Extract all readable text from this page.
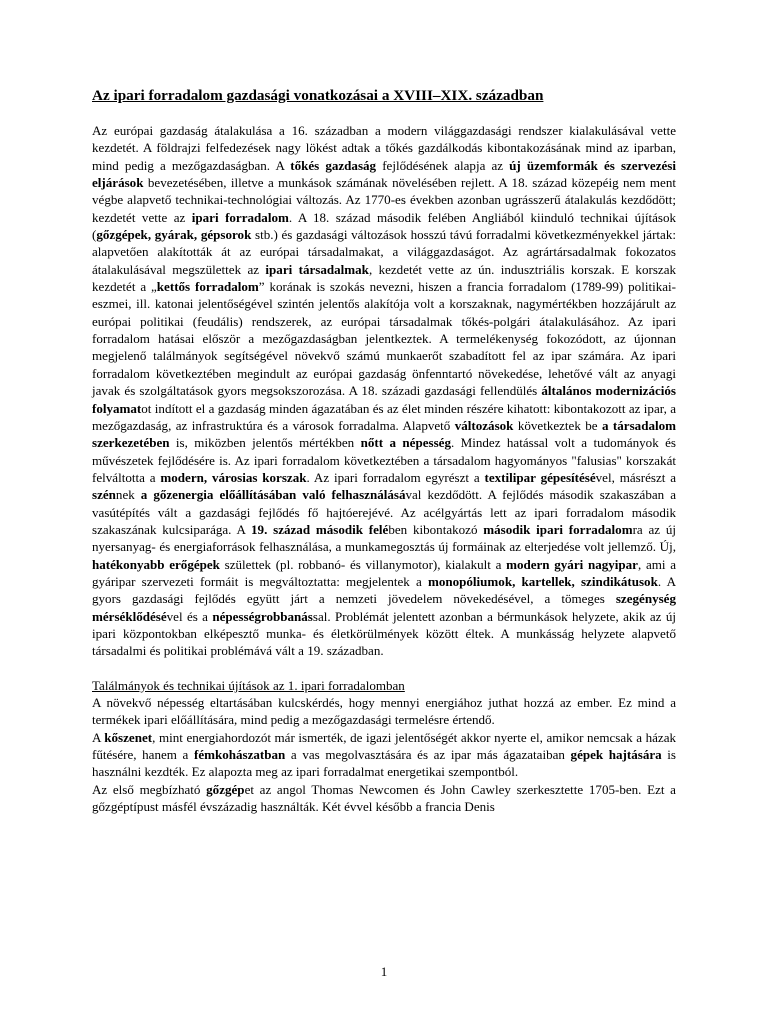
Az ipari forradalom gazdasági vonatkozásai a XVIII–XIX. században

Az európai gazdaság átalakulása a 16. században a modern világgazdasági rendszer kialakulásával vette kezdetét. A földrajzi felfedezések nagy lökést adtak a tőkés gazdálkodás kibontakozásának mind az iparban, mind pedig a mezőgazdaságban. A tőkés gazdaság fejlődésének alapja az új üzemformák és szervezési eljárások bevezetésében, illetve a munkások számának növelésében rejlett. A 18. század közepéig nem ment végbe alapvető technikai-technológiai változás. Az 1770-es években azonban ugrásszerű átalakulás kezdődött; kezdetét vette az ipari forradalom. A 18. század második felében Angliából kiinduló technikai újítások (gőzgépek, gyárak, gépsorok stb.) és gazdasági változások hosszú távú forradalmi következményekkel jártak: alapvetően alakították át az európai társadalmakat, a világgazdaságot. Az agrártársadalmak fokozatos átalakulásával megszülettek az ipari társadalmak, kezdetét vette az ún. indusztriális korszak. E korszak kezdetét a „kettős forradalom” korának is szokás nevezni, hiszen a francia forradalom (1789-99) politikai-eszmei, ill. katonai jelentőségével szintén jelentős alakítója volt a korszaknak, nagymértékben hozzájárult az európai politikai (feudális) rendszerek, az európai társadalmak tőkés-polgári átalakulásához. Az ipari forradalom hatásai először a mezőgazdaságban jelentkeztek. A termelékenység fokozódott, az újonnan megjelenő találmányok segítségével növekvő számú munkaerőt szabadított fel az ipar számára. Az ipari forradalom következtében megindult az európai gazdaság önfenntartó növekedése, lehetővé vált az anyagi javak és szolgáltatások gyors megsokszorozása. A 18. századi gazdasági fellendülés általános modernizációs folyamatot indított el a gazdaság minden ágazatában és az élet minden részére kihatott: kibontakozott az ipar, a mezőgazdaság, az infrastruktúra és a városok forradalma. Alapvető változások következtek be a társadalom szerkezetében is, miközben jelentős mértékben nőtt a népesség. Mindez hatással volt a tudományok és művészetek fejlődésére is. Az ipari forradalom következtében a társadalom hagyományos "falusias" korszakát felváltotta a modern, városias korszak. Az ipari forradalom egyrészt a textilipar gépesítésével, másrészt a szénnek a gőzenergia előállításában való felhasználásával kezdődött. A fejlődés második szakaszában a vasútépítés vált a gazdasági fejlődés fő hajtóerejévé. Az acélgyártás lett az ipari forradalom második szakaszának kulcsiparága. A 19. század második felében kibontakozó második ipari forradalomra az új nyersanyag- és energiaforrások felhasználása, a munkamegosztás új formáinak az elterjedése volt jellemző. Új, hatékonyabb erőgépek születtek (pl. robbanó- és villanymotor), kialakult a modern gyári nagyipar, ami a gyáripar szervezeti formáit is megváltoztatta: megjelentek a monopóliumok, kartellek, szindikátusok. A gyors gazdasági fejlődés együtt járt a nemzeti jövedelem növekedésével, a tömeges szegénység mérséklődésével és a népességrobbanással. Problémát jelentett azonban a bérmunkások helyzete, akik az új ipari központokban elképesztő munka- és életkörülmények között éltek. A munkásság helyzete alapvető társadalmi és politikai problémává vált a 19. században.

Találmányok és technikai újítások az 1. ipari forradalomban

A növekvő népesség eltartásában kulcskérdés, hogy mennyi energiához juthat hozzá az ember. Ez mind a termékek ipari előállítására, mind pedig a mezőgazdasági termelésre értendő.

A kőszenet, mint energiahordozót már ismerték, de igazi jelentőségét akkor nyerte el, amikor nemcsak a házak fűtésére, hanem a fémkohászatban a vas megolvasztására és az ipar más ágazataiban gépek hajtására is használni kezdték. Ez alapozta meg az ipari forradalmat energetikai szempontból.

Az első megbízható gőzgépet az angol Thomas Newcomen és John Cawley szerkesztette 1705-ben. Ezt a gőzgéptípust másfél évszázadig használták. Két évvel később a francia Denis

1
